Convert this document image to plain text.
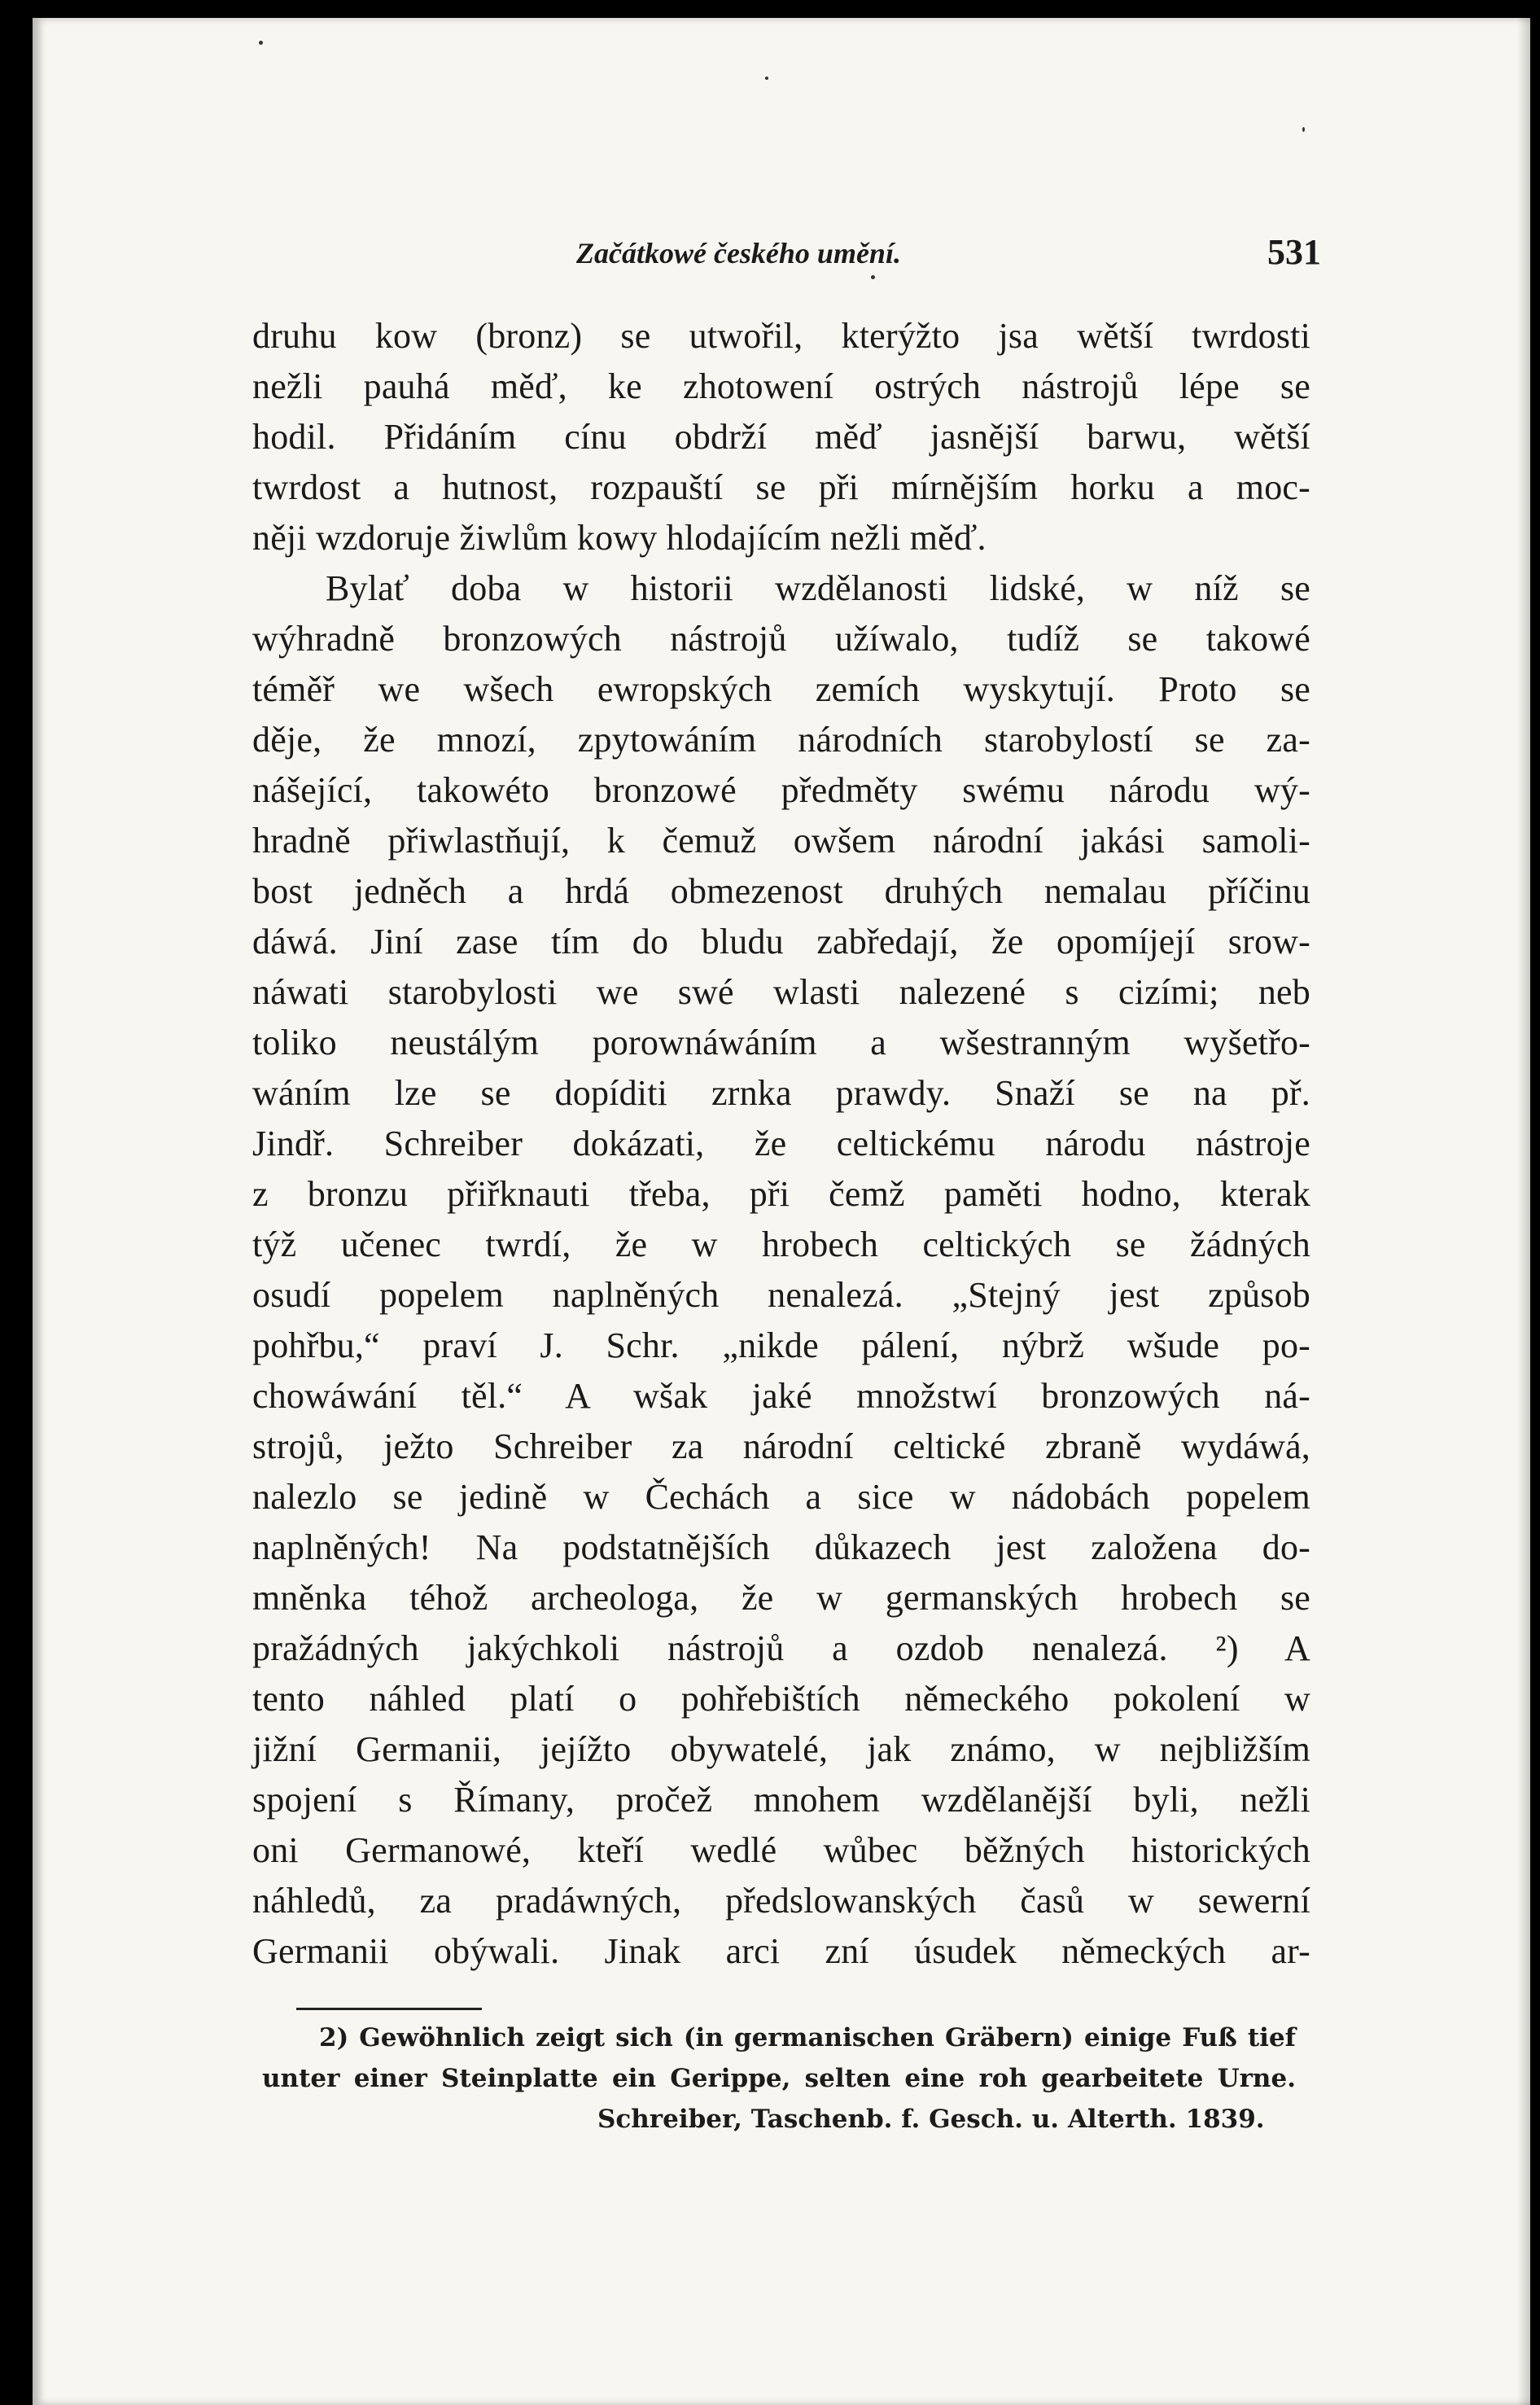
Začátkowé českého umění.	531
druhu kow (bronz) se utwořil, kterýžto jsa wětší twrdosti
nežli pauhá měď, ke zhotowení ostrých nástrojů lépe se
hodil. Přidáním cínu obdrží měď jasnější barwu, wětší
twrdost a hutnost, rozpauští se při mírnějším horku a moc-
něji wzdoruje žiwlům kowy hlodajícím nežli měď.
Bylať doba w historii wzdělanosti lidské, w níž se
wýhradně bronzowých nástrojů užíwalo, tudíž se takowé
téměř we wšech ewropských zemích wyskytují. Proto se
děje, že mnozí, zpytowáním národních starobylostí se za-
nášející, takowéto bronzowé předměty swému národu wý-
hradně přiwlastňují, k čemuž owšem národní jakási samoli-
bost jedněch a hrdá obmezenost druhých nemalau příčinu
dáwá. Jiní zase tím do bludu zabředají, že opomíjejí srow-
náwati starobylosti we swé wlasti nalezené s cizími; neb
toliko neustálým porownáwáním a wšestranným wyšetřo-
wáním lze se dopíditi zrnka prawdy. Snaží se na př.
Jindř. Schreiber dokázati, že celtickému národu nástroje
z bronzu přiřknauti třeba, při čemž paměti hodno, kterak
týž učenec twrdí, že w hrobech celtických se žádných
osudí popelem naplněných nenalezá. „Stejný jest způsob
pohřbu,“ praví J. Schr. „nikde pálení, nýbrž wšude po-
chowáwání těl.“ A wšak jaké množstwí bronzowých ná-
strojů, ježto Schreiber za národní celtické zbraně wydáwá,
nalezlo se jedině w Čechách a sice w nádobách popelem
naplněných! Na podstatnějších důkazech jest založena do-
mněnka téhož archeologa, že w germanských hrobech se
pražádných jakýchkoli nástrojů a ozdob nenalezá. ²) A
tento náhled platí o pohřebištích německého pokolení w
jižní Germanii, jejížto obywatelé, jak známo, w nejbližším
spojení s Římany, pročež mnohem wzdělanější byli, nežli
oni Germanowé, kteří wedlé wůbec běžných historických
náhledů, za pradáwných, předslowanských časů w sewerní
Germanii obýwali. Jinak arci zní úsudek německých ar-
2) Gewöhnlich zeigt sich (in germanischen Gräbern) einige Fuß tief
unter einer Steinplatte ein Gerippe, selten eine roh gearbeitete Urne.
Schreiber, Taschenb. f. Gesch. u. Alterth. 1839.
